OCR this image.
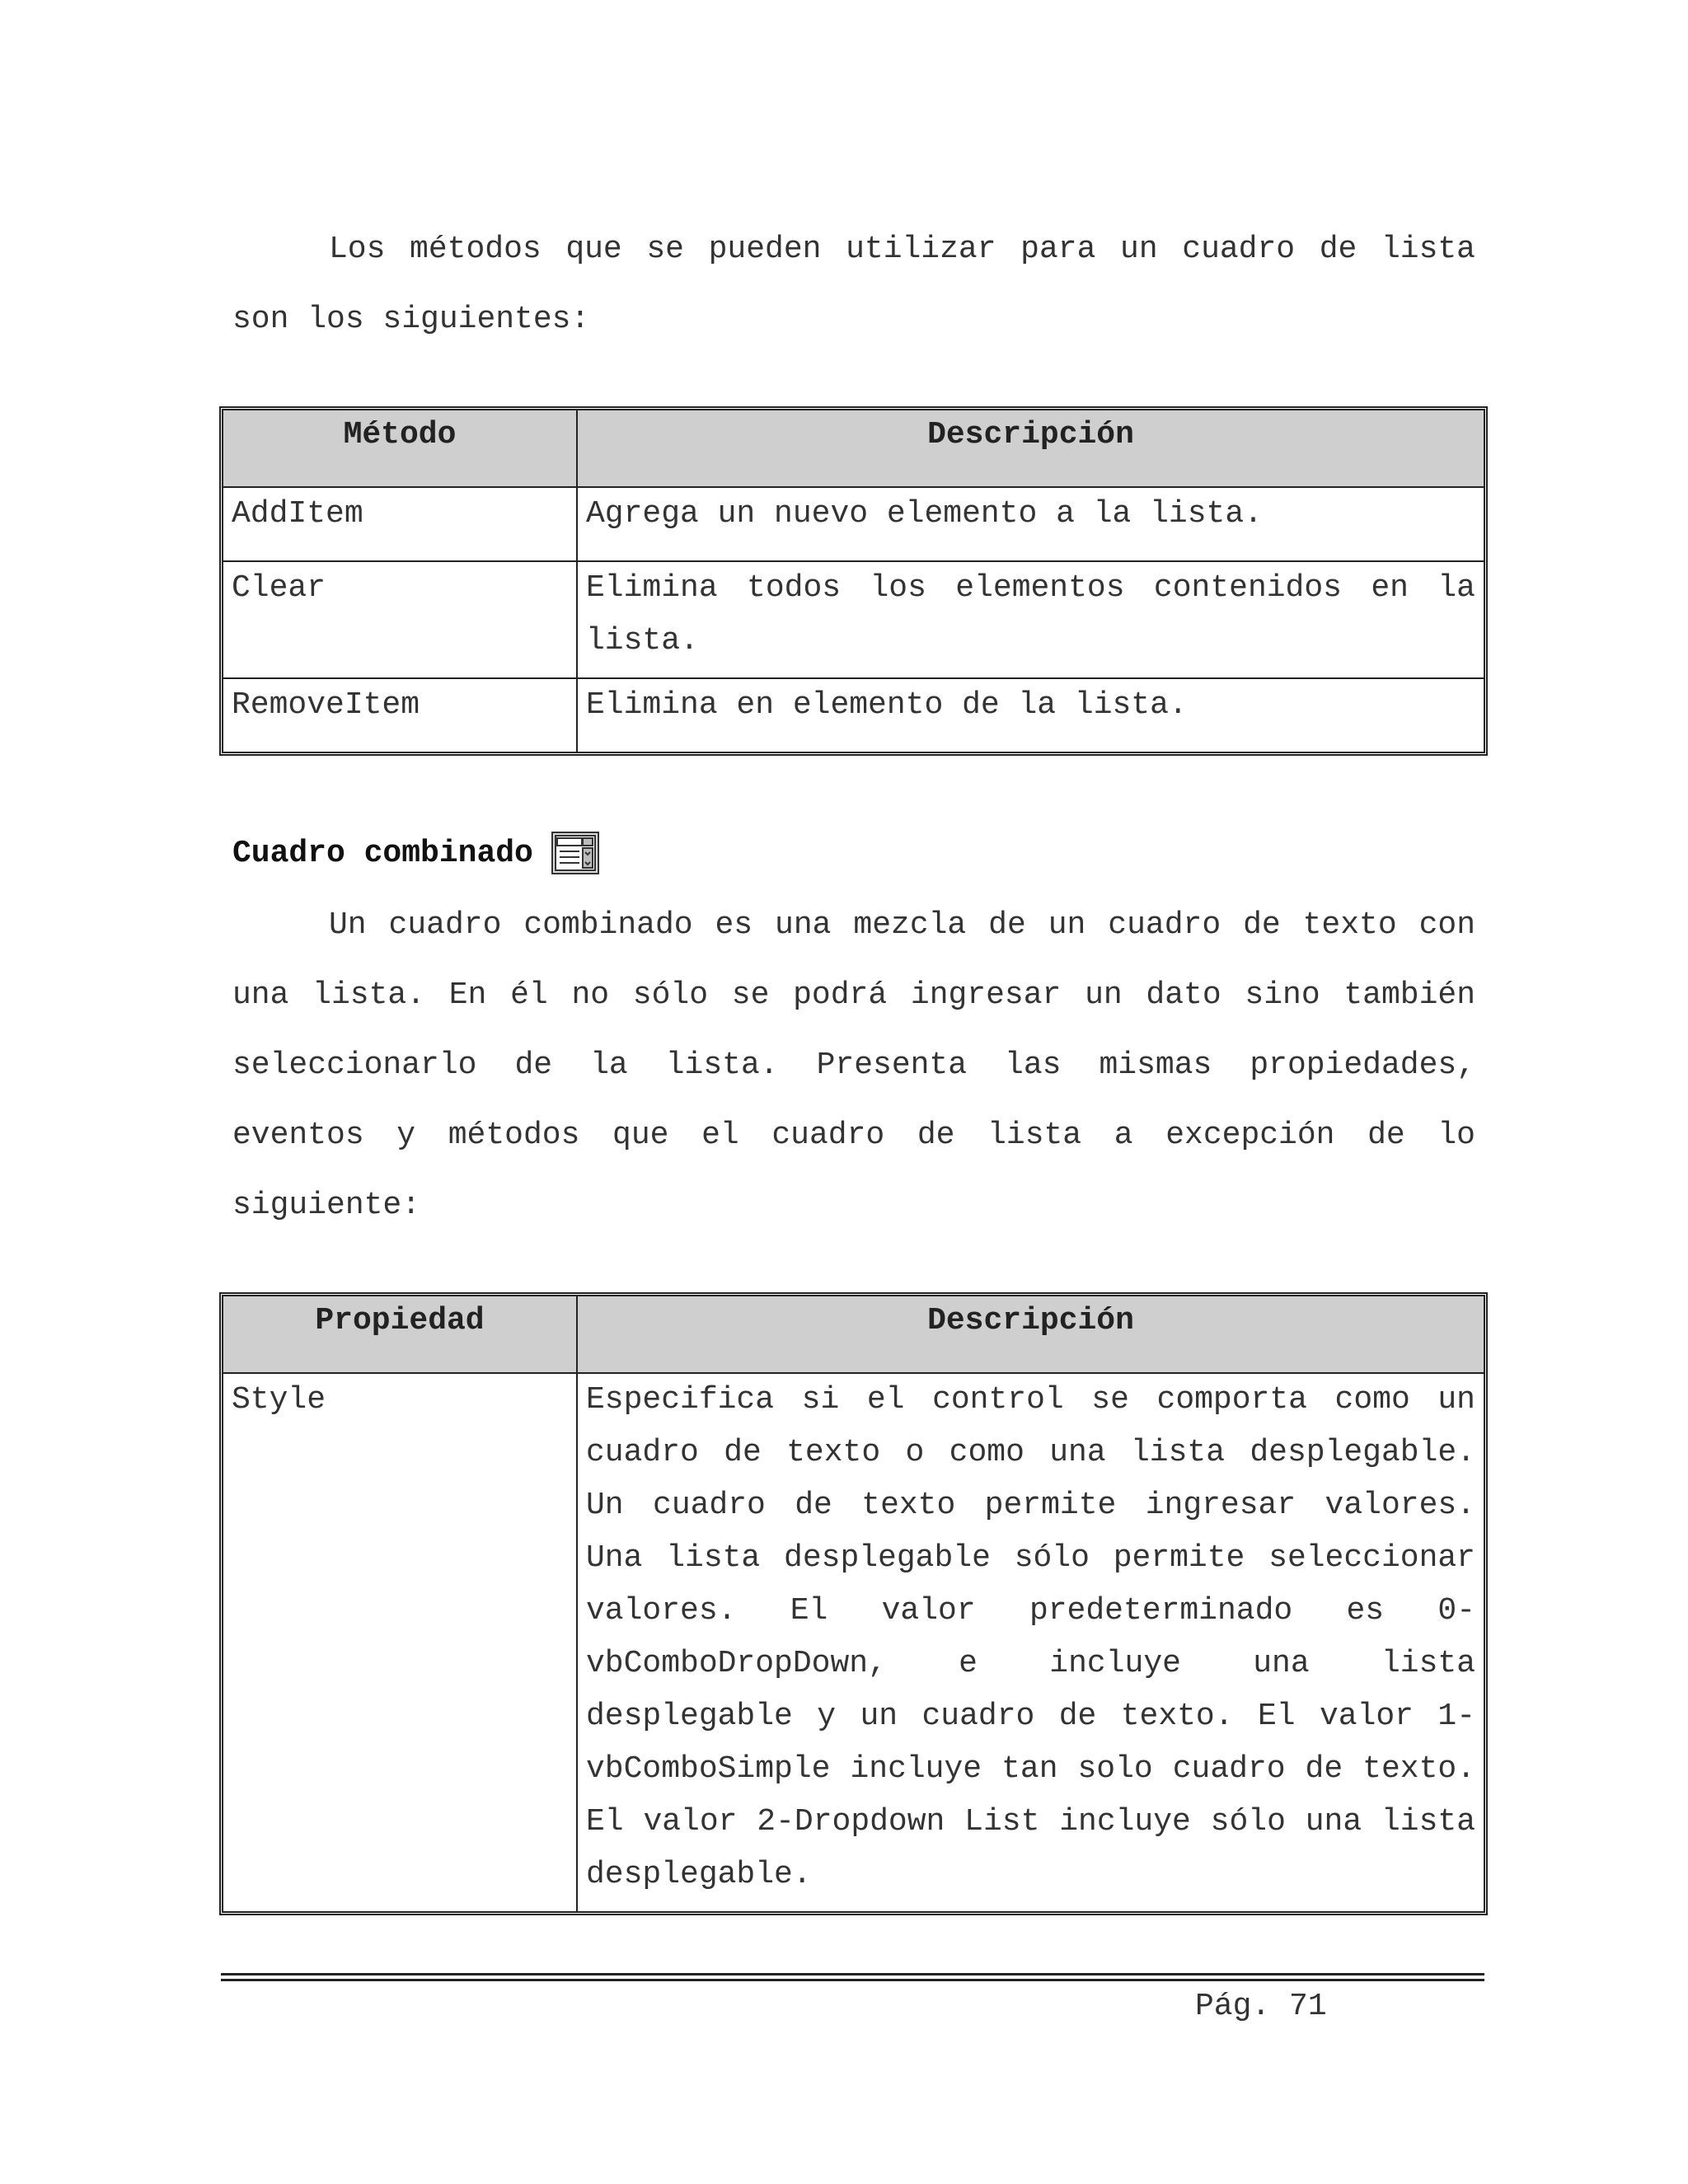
Los métodos que se pueden utilizar para un cuadro de lista son los siguientes:

Método	Descripción
AddItem	Agrega un nuevo elemento a la lista.
Clear	Elimina todos los elementos contenidos en la lista.
RemoveItem	Elimina en elemento de la lista.
Cuadro combinado

Un cuadro combinado es una mezcla de un cuadro de texto con una lista. En él no sólo se podrá ingresar un dato sino también seleccionarlo de la lista. Presenta las mismas propiedades, eventos y métodos que el cuadro de lista a excepción de lo siguiente:

Propiedad	Descripción
Style	Especifica si el control se comporta como un cuadro de texto o como una lista desplegable. Un cuadro de texto permite ingresar valores. Una lista desplegable sólo permite seleccionar valores. El valor predeterminado es 0-vbComboDropDown, e incluye una lista desplegable y un cuadro de texto. El valor 1-vbComboSimple incluye tan solo cuadro de texto. El valor 2-Dropdown List incluye sólo una lista desplegable.
Pág. 71
